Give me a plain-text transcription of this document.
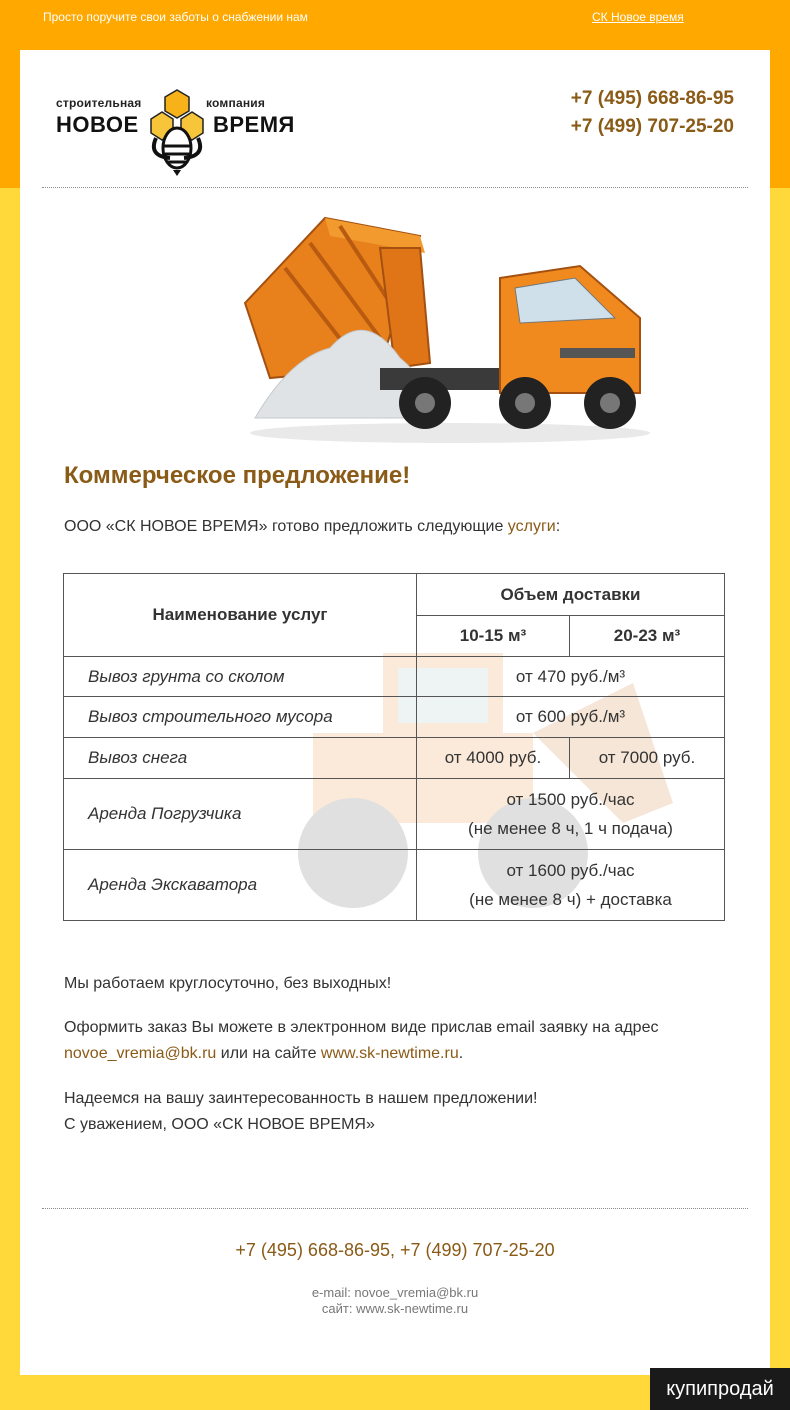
Просто поручите свои заботы о снабжении нам	СК Новое время
строительная	компания
НОВОЕ	ВРЕМЯ
+7 (495) 668-86-95
+7 (499) 707-25-20
Коммерческое предложение!
ООО «СК НОВОЕ ВРЕМЯ» готово предложить следующие услуги:
Наименование услуг	Объем доставки	
	10-15 м³	20-23 м³
Вывоз грунта со сколом	от 470 руб./м³	
Вывоз строительного мусора	от 600 руб./м³	
Вывоз снега	от 4000 руб.	от 7000 руб.
Аренда Погрузчика	от 1500 руб./час
(не менее 8 ч, 1 ч подача)	

Аренда Экскаватора	от 1600 руб./час
(не менее 8 ч) + доставка	
Мы работаем круглосуточно, без выходных!
Оформить заказ Вы можете в электронном виде прислав email заявку на адрес
novoe_vremia@bk.ru или на сайте www.sk-newtime.ru.
Надеемся на вашу заинтересованность в нашем предложении!
С уважением, ООО «СК НОВОЕ ВРЕМЯ»
+7 (495) 668-86-95, +7 (499) 707-25-20
e-mail: novoe_vremia@bk.ru
сайт: www.sk-newtime.ru
купипродай
